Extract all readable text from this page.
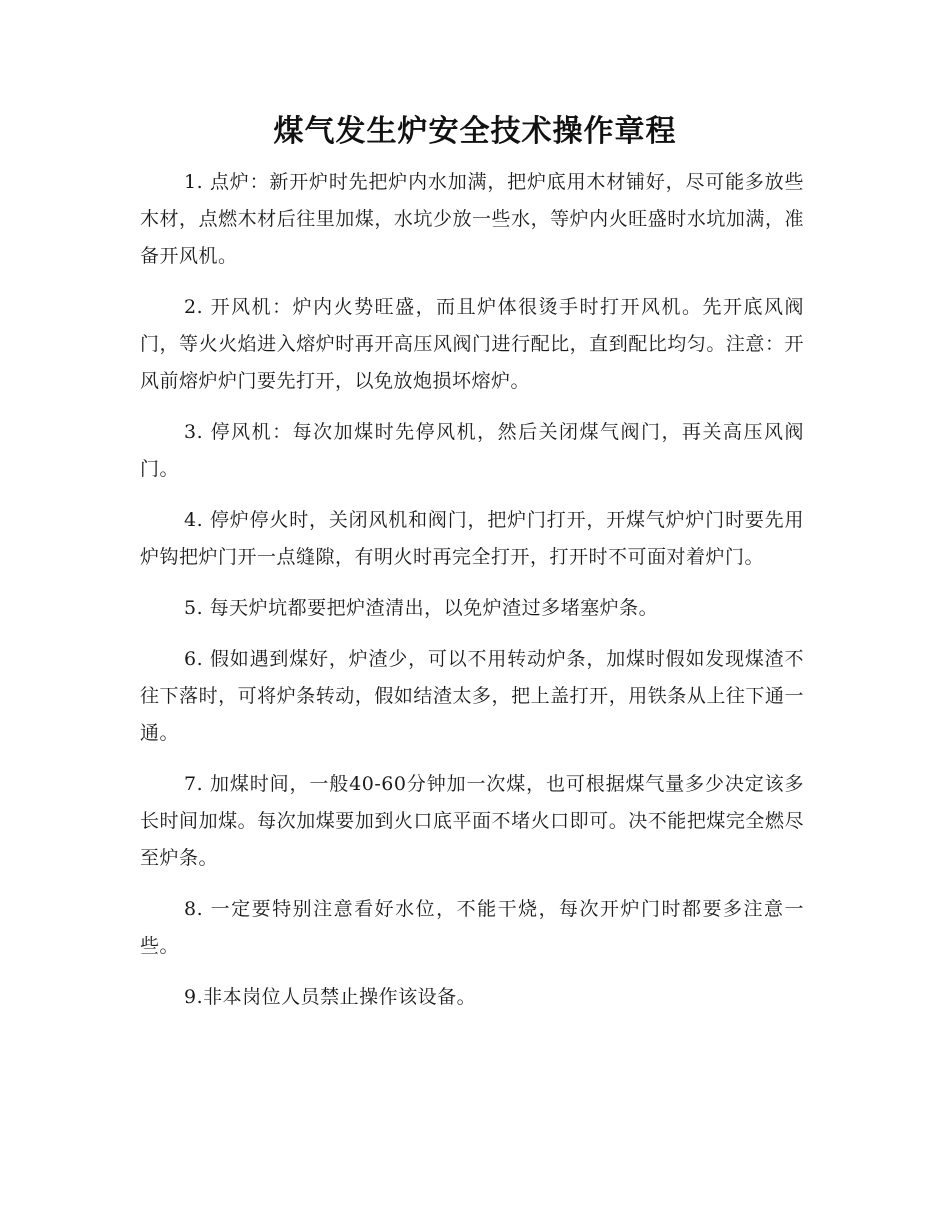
煤气发生炉安全技术操作章程

1. 点炉：新开炉时先把炉内水加满，把炉底用木材铺好，尽可能多放些木材，点燃木材后往里加煤，水坑少放一些水，等炉内火旺盛时水坑加满，准备开风机。

2. 开风机：炉内火势旺盛，而且炉体很烫手时打开风机。先开底风阀门，等火火焰进入熔炉时再开高压风阀门进行配比，直到配比均匀。注意：开风前熔炉炉门要先打开，以免放炮损坏熔炉。

3. 停风机：每次加煤时先停风机，然后关闭煤气阀门，再关高压风阀门。

4. 停炉停火时，关闭风机和阀门，把炉门打开，开煤气炉炉门时要先用炉钩把炉门开一点缝隙，有明火时再完全打开，打开时不可面对着炉门。

5. 每天炉坑都要把炉渣清出，以免炉渣过多堵塞炉条。

6. 假如遇到煤好，炉渣少，可以不用转动炉条，加煤时假如发现煤渣不往下落时，可将炉条转动，假如结渣太多，把上盖打开，用铁条从上往下通一通。

7. 加煤时间，一般40-60分钟加一次煤，也可根据煤气量多少决定该多长时间加煤。每次加煤要加到火口底平面不堵火口即可。决不能把煤完全燃尽至炉条。

8. 一定要特别注意看好水位，不能干烧，每次开炉门时都要多注意一些。

9.非本岗位人员禁止操作该设备。
